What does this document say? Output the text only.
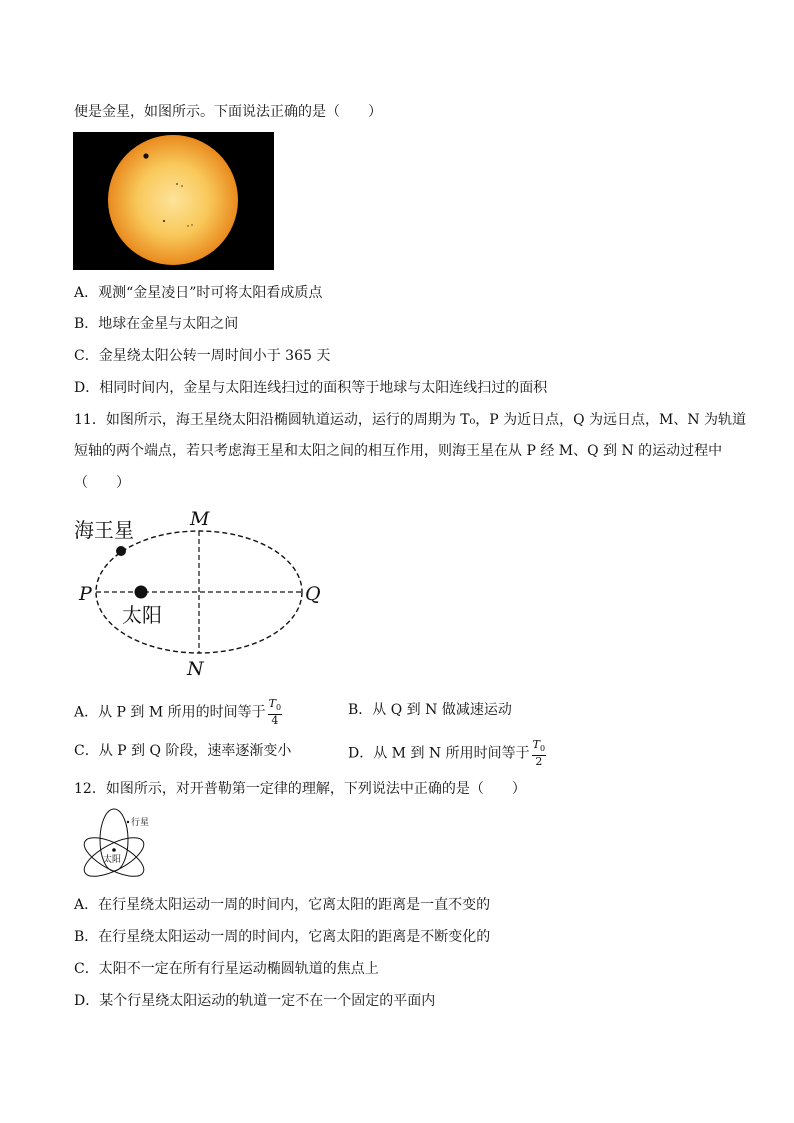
便是金星，如图所示。下面说法正确的是（　　）
A．观测“金星凌日”时可将太阳看成质点
B．地球在金星与太阳之间
C．金星绕太阳公转一周时间小于 365 天
D．相同时间内，金星与太阳连线扫过的面积等于地球与太阳连线扫过的面积
11．如图所示，海王星绕太阳沿椭圆轨道运动，运行的周期为 T₀，P 为近日点，Q 为远日点，M、N 为轨道
短轴的两个端点，若只考虑海王星和太阳之间的相互作用，则海王星在从 P 经 M、Q 到 N 的运动过程中
（　　）
海王星
太阳
P	Q
M
N
A．从 P 到 M 所用的时间等于 $\frac{T_0}{4}$	B．从 Q 到 N 做减速运动
C．从 P 到 Q 阶段，速率逐渐变小	D．从 M 到 N 所用时间等于 $\frac{T_0}{2}$
12．如图所示，对开普勒第一定律的理解，下列说法中正确的是（　　）
行星
太阳
A．在行星绕太阳运动一周的时间内，它离太阳的距离是一直不变的
B．在行星绕太阳运动一周的时间内，它离太阳的距离是不断变化的
C．太阳不一定在所有行星运动椭圆轨道的焦点上
D．某个行星绕太阳运动的轨道一定不在一个固定的平面内
